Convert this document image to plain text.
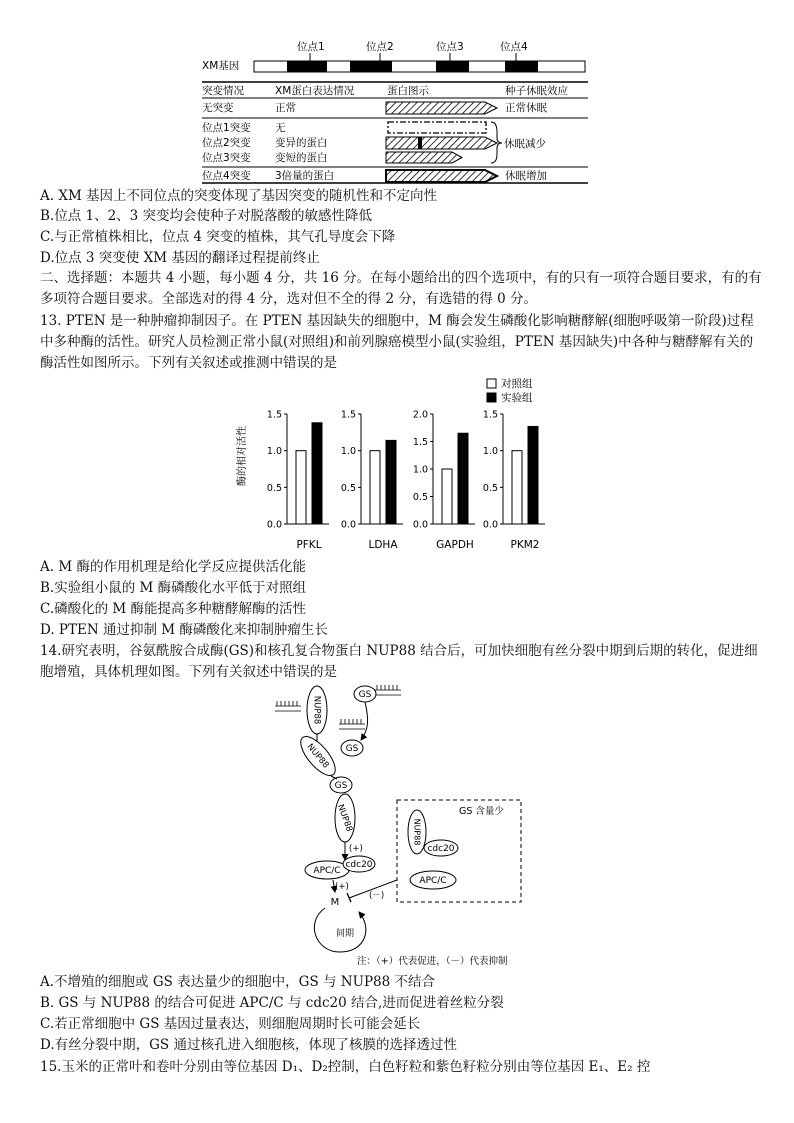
位点1	位点2	位点3	位点4
XM基因
突变情况	XM蛋白表达情况	蛋白图示	种子休眠效应
无突变	正常	正常休眠
位点1突变 无
位点2突变 变异的蛋白
位点3突变 变短的蛋白
休眠减少
位点4突变 3倍量的蛋白	休眠增加
A. XM 基因上不同位点的突变体现了基因突变的随机性和不定向性
B.位点 1、2、3 突变均会使种子对脱落酸的敏感性降低
C.与正常植株相比，位点 4 突变的植株，其气孔导度会下降
D.位点 3 突变使 XM 基因的翻译过程提前终止
二、选择题：本题共 4 小题，每小题 4 分，共 16 分。在每小题给出的四个选项中，有的只有一项符合题目要求，有的有多项符合题目要求。全部选对的得 4 分，选对但不全的得 2 分，有选错的得 0 分。
13. PTEN 是一种肿瘤抑制因子。在 PTEN 基因缺失的细胞中，M 酶会发生磷酸化影响糖酵解(细胞呼吸第一阶段)过程中多种酶的活性。研究人员检测正常小鼠(对照组)和前列腺癌模型小鼠(实验组，PTEN 基因缺失)中各种与糖酵解有关的酶活性如图所示。下列有关叙述或推测中错误的是
酶的相对活性
对照组
实验组
0.0
0.5
1.0
1.5
PFKL
0.0
0.5
1.0
1.5
LDHA
0.0
0.5
1.0
1.5
2.0
GAPDH
0.0
0.5
1.0
1.5
PKM2
A. M 酶的作用机理是给化学反应提供活化能
B.实验组小鼠的 M 酶磷酸化水平低于对照组
C.磷酸化的 M 酶能提高多种糖酵解酶的活性
D. PTEN 通过抑制 M 酶磷酸化来抑制肿瘤生长
14.研究表明，谷氨酰胺合成酶(GS)和核孔复合物蛋白 NUP88 结合后，可加快细胞有丝分裂中期到后期的转化，促进细胞增殖，具体机理如图。下列有关叙述中错误的是
NUP88
GS
GS
NUP88
GS
NUP88
(+)
APC/C
cdc20
(+)
M
间期
(－)
GS 含量少
NUP88
cdc20
APC/C
注：（+）代表促进，（－）代表抑制
A.不增殖的细胞或 GS 表达量少的细胞中，GS 与 NUP88 不结合
B. GS 与 NUP88 的结合可促进 APC/C 与 cdc20 结合,进而促进着丝粒分裂
C.若正常细胞中 GS 基因过量表达，则细胞周期时长可能会延长
D.有丝分裂中期，GS 通过核孔进入细胞核，体现了核膜的选择透过性
15.玉米的正常叶和卷叶分别由等位基因 D₁、D₂控制，白色籽粒和紫色籽粒分别由等位基因 E₁、E₂ 控
